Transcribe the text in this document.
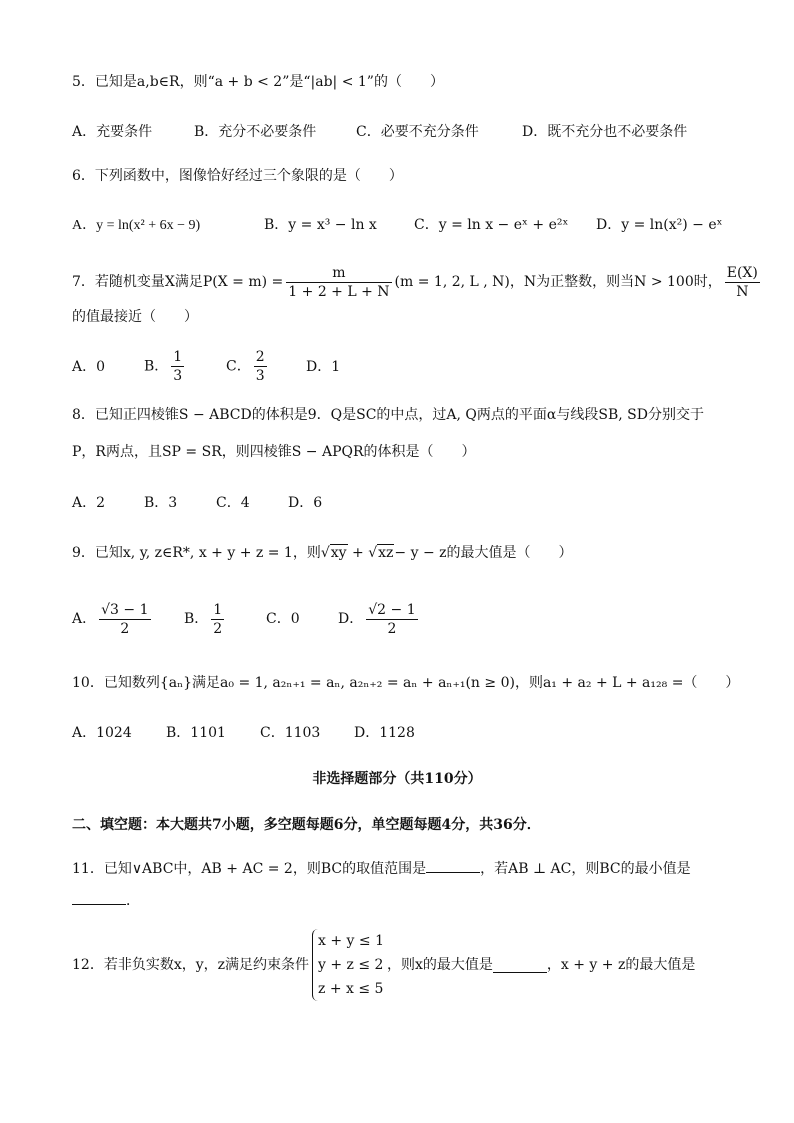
5．已知是a,b∈R，则“a + b < 2”是“|ab| < 1”的（　　）
A．充要条件	B．充分不必要条件	C．必要不充分条件	D．既不充分也不必要条件
6．下列函数中，图像恰好经过三个象限的是（　　）
A．y = ln(x² + 6x − 9)	B．y = x³ − ln x	C．y = ln x − eˣ + e²ˣ D．y = ln(x²) − eˣ
7．若随机变量X满足$P(X = m) = \frac{m}{1 + 2 + L + N} (m = 1$, 2, L , N)，N为正整数，则当N > 100时， $\frac{E(X)}{N}$
的值最接近（　　）
A．0	B． $\frac{1}{3}$	C． $\frac{2}{3}$	D．1
8．已知正四棱锥S − ABCD的体积是9．Q是SC的中点，过A, Q两点的平面α与线段SB, SD分别交于
P，R两点，且SP = SR，则四棱锥S − APQR的体积是（　　）
A．2	B．3	C．4	D．6
9．已知x, y, z∈R*, x + y + z = 1，则√xy + √xz− y − z的最大值是（　　）
A． $\frac{√3 - 1}{2}$ B． $\frac{1}{2}$	C．0	D． $\frac{√2 - 1}{2}$
10．已知数列{aₙ}满足a₀ = 1, a₂ₙ₊₁ = aₙ, a₂ₙ₊₂ = aₙ + aₙ₊₁(n ≥ 0)，则a₁ + a₂ + L + a₁₂₈ =（　　）
A．1024 B．1101 C．1103 D．1128
非选择题部分（共110分）
二、填空题：本大题共7小题，多空题每题6分，单空题每题4分，共36分．
11．已知∨ABC中，AB + AC = 2，则BC的取值范围是	，若AB ⊥ AC，则BC的最小值是
．
12．若非负实数x，y，z满足约束条件
x + y ≤ 1
y + z ≤ 2
z + x ≤ 5
，则x的最大值是	，x + y + z的最大值是
